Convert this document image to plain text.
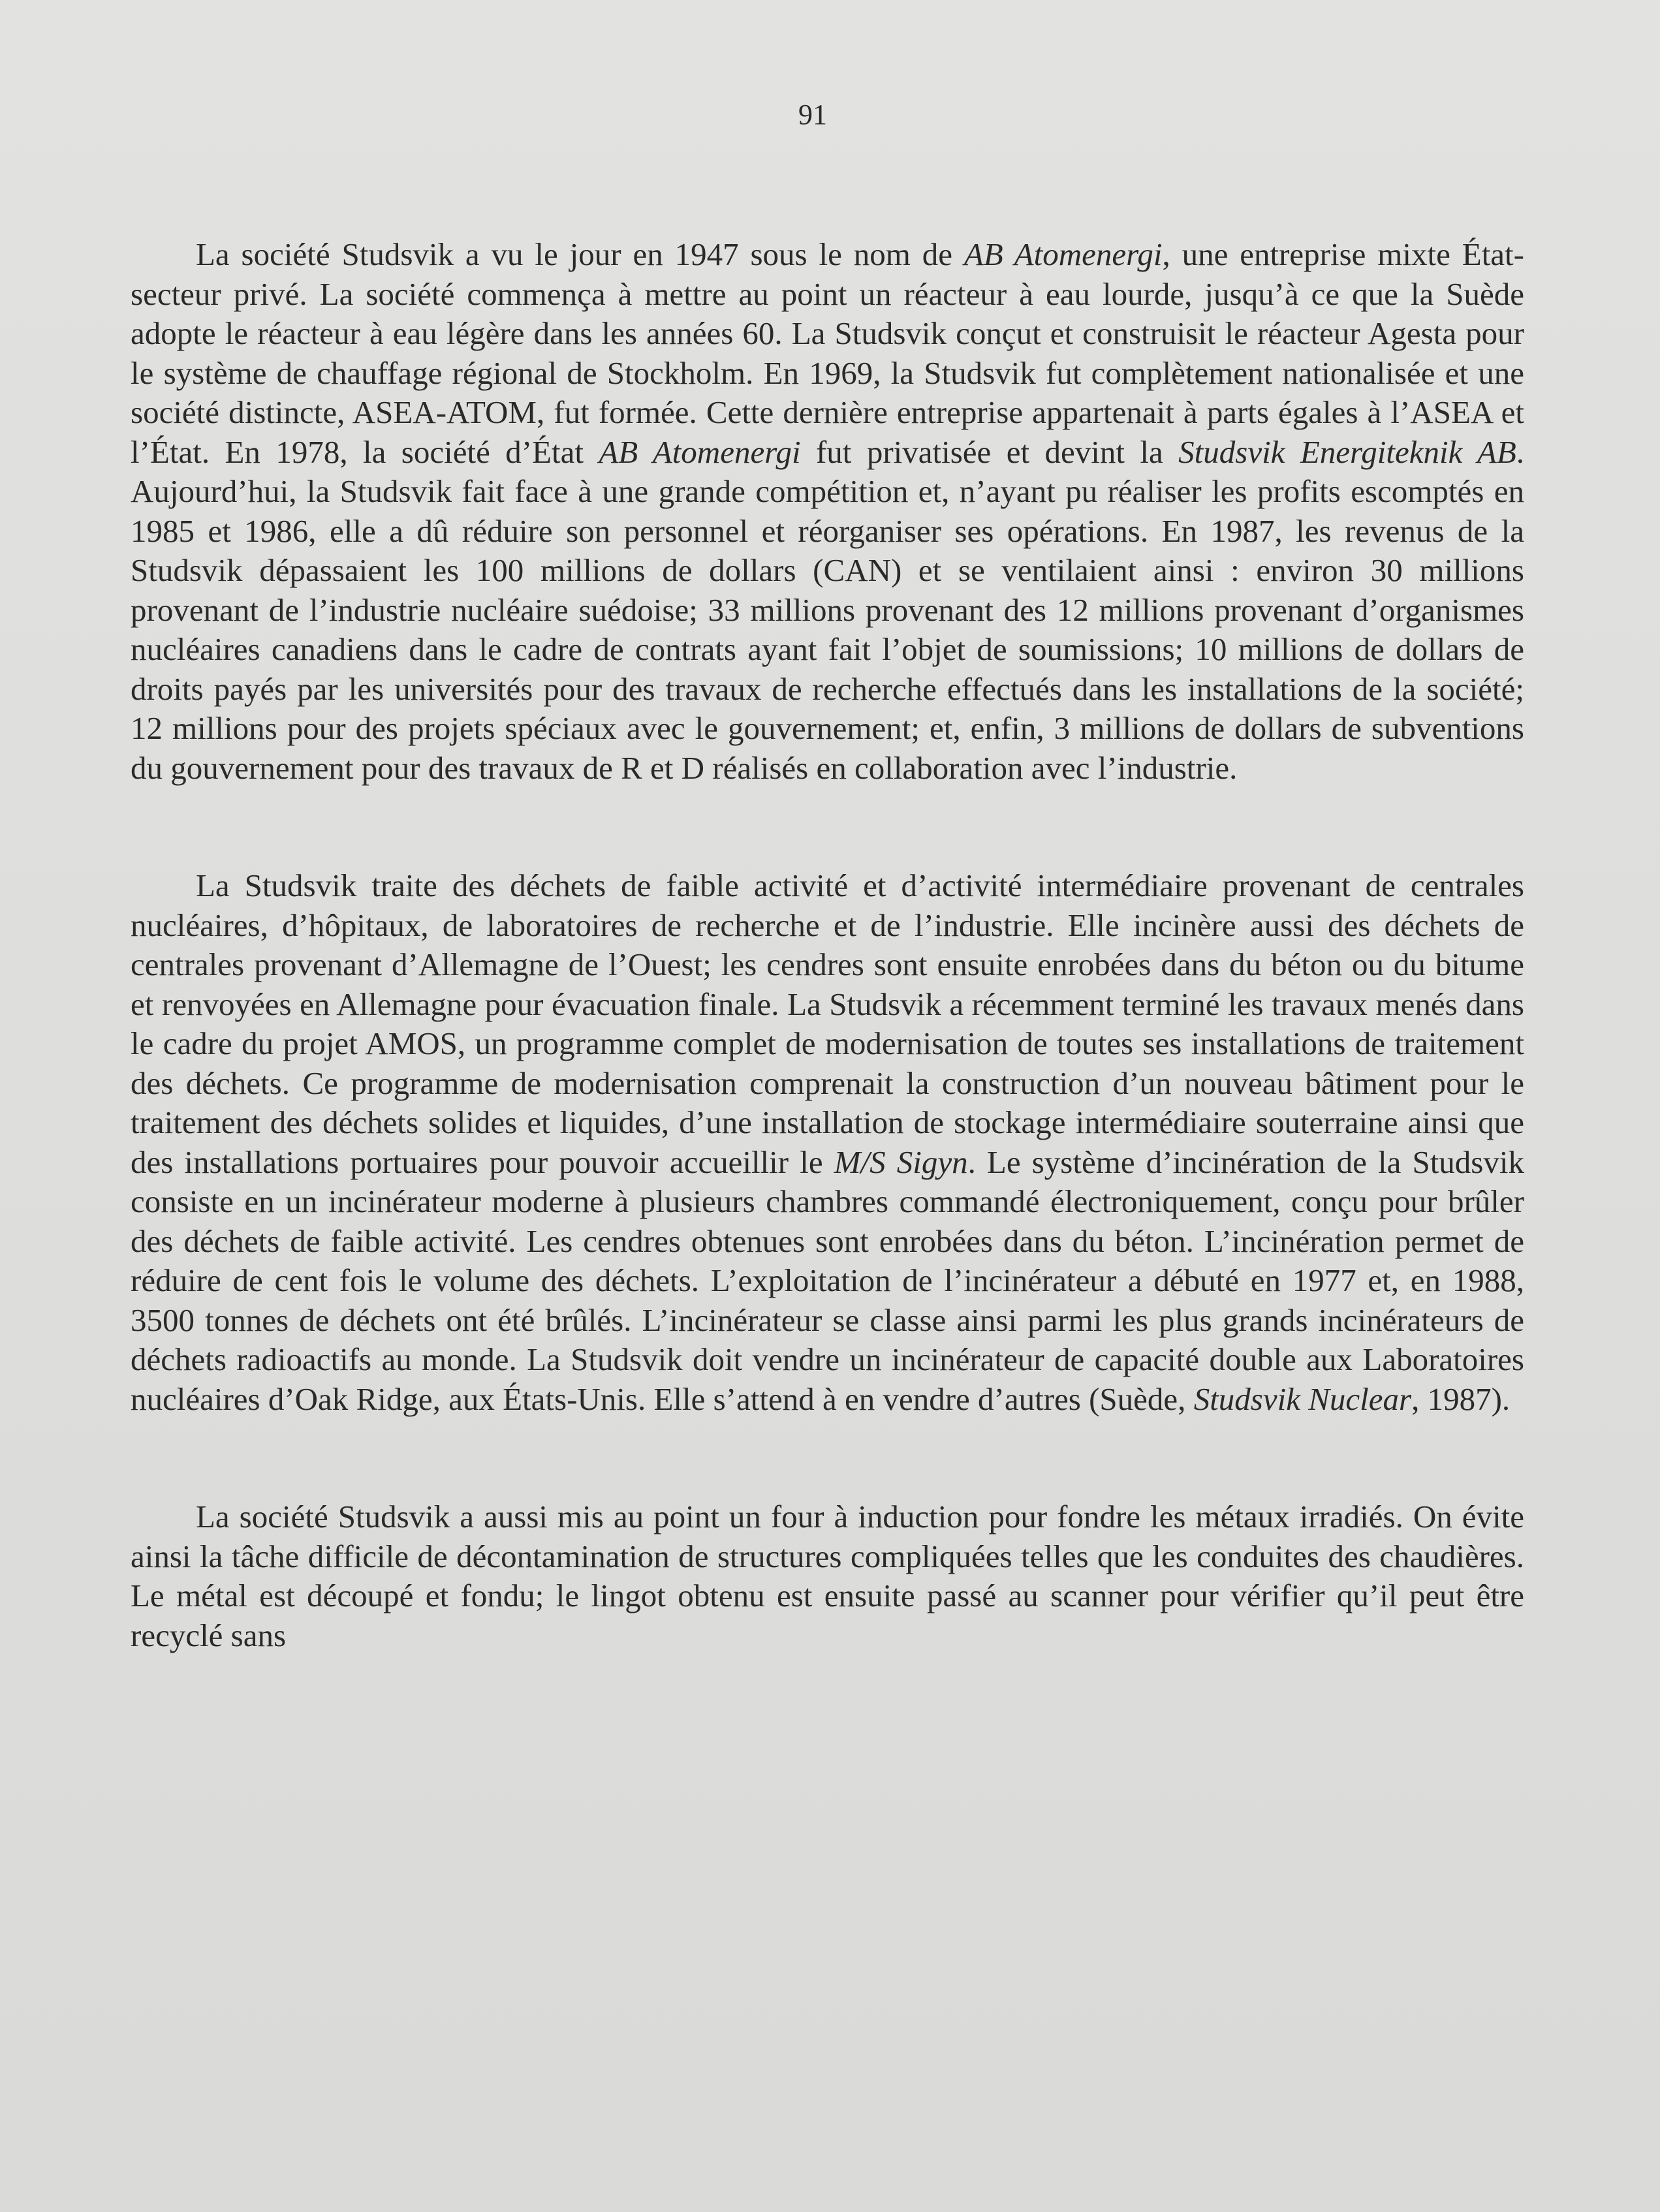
91

La société Studsvik a vu le jour en 1947 sous le nom de AB Atomenergi, une entreprise mixte État-secteur privé. La société commença à mettre au point un réacteur à eau lourde, jusqu’à ce que la Suède adopte le réacteur à eau légère dans les années 60. La Studsvik conçut et construisit le réacteur Agesta pour le système de chauffage régional de Stockholm. En 1969, la Studsvik fut complètement nationalisée et une société distincte, ASEA-ATOM, fut formée. Cette dernière entreprise appartenait à parts égales à l’ASEA et l’État. En 1978, la société d’État AB Atomenergi fut privatisée et devint la Studsvik Energiteknik AB. Aujourd’hui, la Studsvik fait face à une grande compétition et, n’ayant pu réaliser les profits escomptés en 1985 et 1986, elle a dû réduire son personnel et réorganiser ses opérations. En 1987, les revenus de la Studsvik dépassaient les 100 millions de dollars (CAN) et se ventilaient ainsi : environ 30 millions provenant de l’industrie nucléaire suédoise; 33 millions provenant des 12 millions provenant d’organismes nucléaires canadiens dans le cadre de contrats ayant fait l’objet de soumissions; 10 millions de dollars de droits payés par les universités pour des travaux de recherche effectués dans les installations de la société; 12 millions pour des projets spéciaux avec le gouvernement; et, enfin, 3 millions de dollars de subventions du gouvernement pour des travaux de R et D réalisés en collaboration avec l’industrie.

La Studsvik traite des déchets de faible activité et d’activité intermédiaire provenant de centrales nucléaires, d’hôpitaux, de laboratoires de recherche et de l’industrie. Elle incinère aussi des déchets de centrales provenant d’Allemagne de l’Ouest; les cendres sont ensuite enrobées dans du béton ou du bitume et renvoyées en Allemagne pour évacuation finale. La Studsvik a récemment terminé les travaux menés dans le cadre du projet AMOS, un programme complet de modernisation de toutes ses installations de traitement des déchets. Ce programme de modernisation comprenait la construction d’un nouveau bâtiment pour le traitement des déchets solides et liquides, d’une installation de stockage intermédiaire souterraine ainsi que des installations portuaires pour pouvoir accueillir le M/S Sigyn. Le système d’incinération de la Studsvik consiste en un incinérateur moderne à plusieurs chambres commandé électroniquement, conçu pour brûler des déchets de faible activité. Les cendres obtenues sont enrobées dans du béton. L’incinération permet de réduire de cent fois le volume des déchets. L’exploitation de l’incinérateur a débuté en 1977 et, en 1988, 3500 tonnes de déchets ont été brûlés. L’incinérateur se classe ainsi parmi les plus grands incinérateurs de déchets radioactifs au monde. La Studsvik doit vendre un incinérateur de capacité double aux Laboratoires nucléaires d’Oak Ridge, aux États-Unis. Elle s’attend à en vendre d’autres (Suède, Studsvik Nuclear, 1987).

La société Studsvik a aussi mis au point un four à induction pour fondre les métaux irradiés. On évite ainsi la tâche difficile de décontamination de structures compliquées telles que les conduites des chaudières. Le métal est découpé et fondu; le lingot obtenu est ensuite passé au scanner pour vérifier qu’il peut être recyclé sans
